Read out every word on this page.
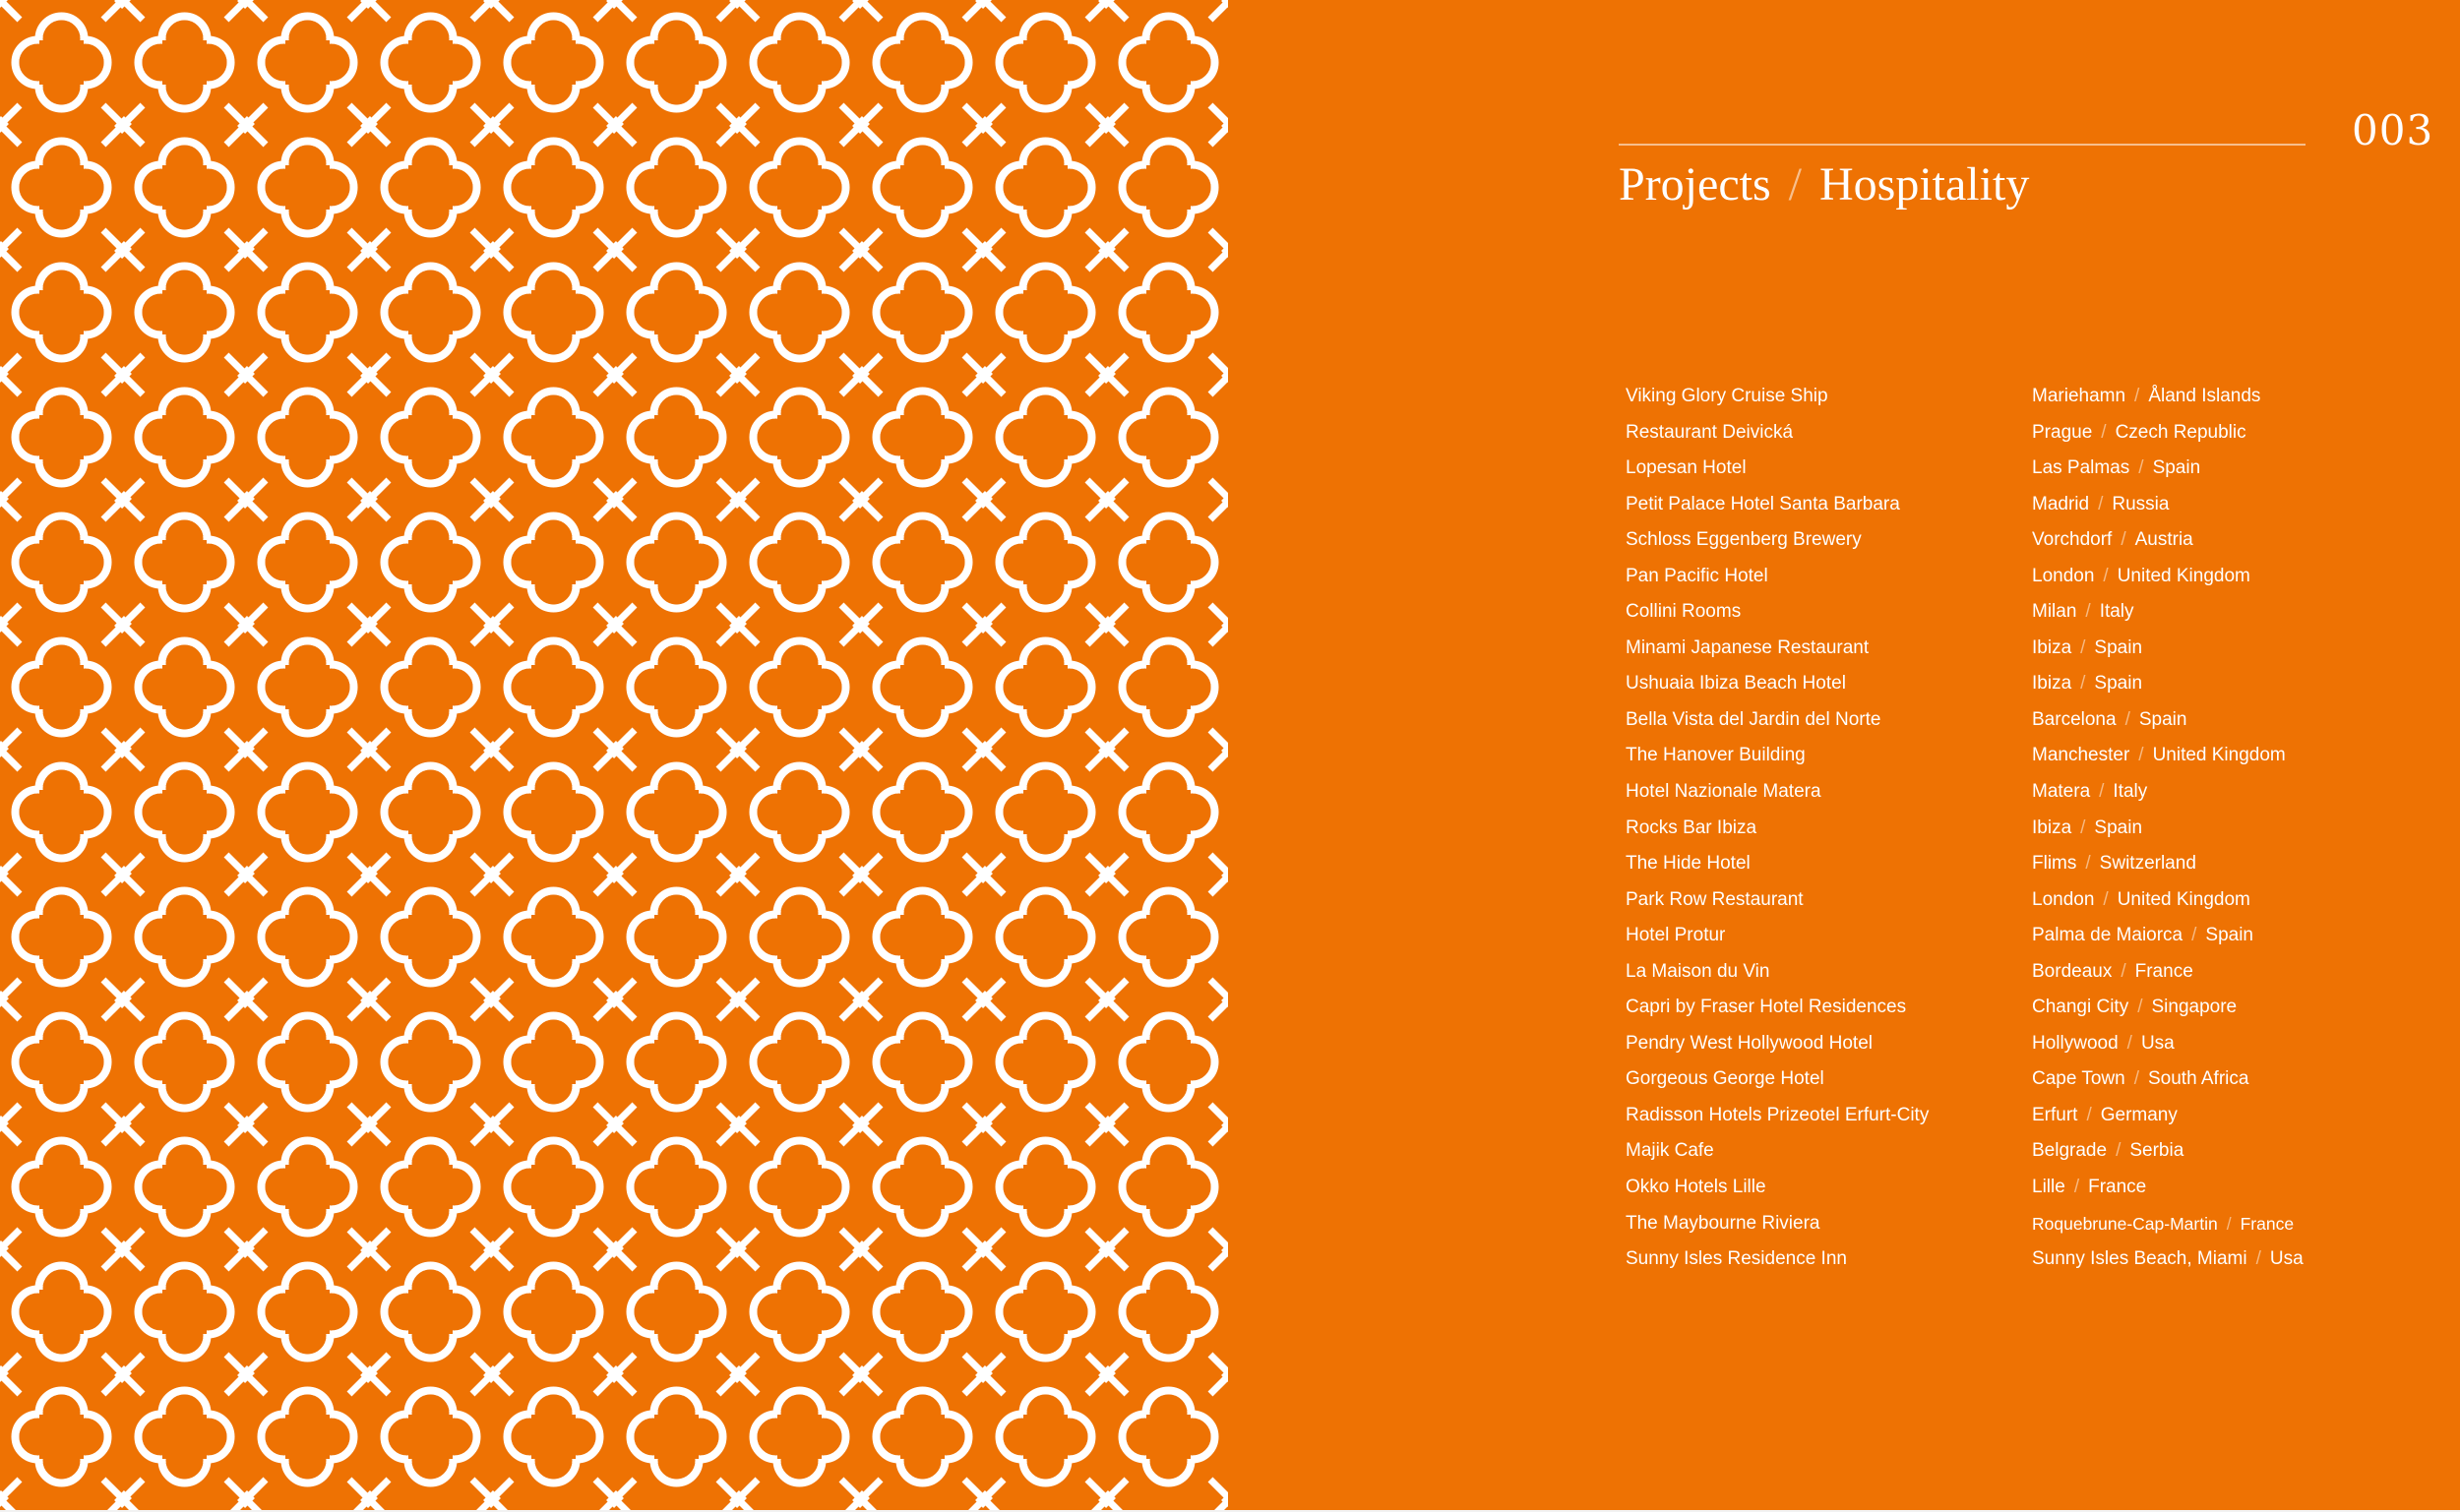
003
Projects / Hospitality
Viking Glory Cruise Ship
Restaurant Deivická
Lopesan Hotel
Petit Palace Hotel Santa Barbara
Schloss Eggenberg Brewery
Pan Pacific Hotel
Collini Rooms
Minami Japanese Restaurant
Ushuaia Ibiza Beach Hotel
Bella Vista del Jardin del Norte
The Hanover Building
Hotel Nazionale Matera
Rocks Bar Ibiza
The Hide Hotel
Park Row Restaurant
Hotel Protur
La Maison du Vin
Capri by Fraser Hotel Residences
Pendry West Hollywood Hotel
Gorgeous George Hotel
Radisson Hotels Prizeotel Erfurt-City
Majik Cafe
Okko Hotels Lille
The Maybourne Riviera
Sunny Isles Residence Inn
Mariehamn / Åland Islands
Prague / Czech Republic
Las Palmas / Spain
Madrid / Russia
Vorchdorf / Austria
London / United Kingdom
Milan / Italy
Ibiza / Spain
Ibiza / Spain
Barcelona / Spain
Manchester / United Kingdom
Matera / Italy
Ibiza / Spain
Flims / Switzerland
London / United Kingdom
Palma de Maiorca / Spain
Bordeaux / France
Changi City / Singapore
Hollywood / Usa
Cape Town / South Africa
Erfurt / Germany
Belgrade / Serbia
Lille / France
Roquebrune-Cap-Martin / France
Sunny Isles Beach, Miami / Usa
